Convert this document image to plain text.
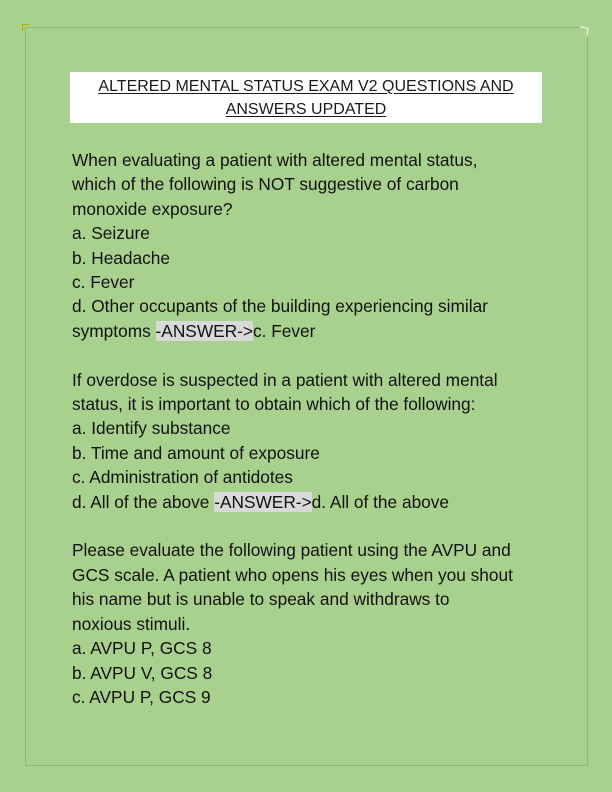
ALTERED MENTAL STATUS EXAM V2 QUESTIONS AND
ANSWERS UPDATED
When evaluating a patient with altered mental status,
which of the following is NOT suggestive of carbon
monoxide exposure?
a. Seizure
b. Headache
c. Fever
d. Other occupants of the building experiencing similar
symptoms -ANSWER->c. Fever
If overdose is suspected in a patient with altered mental
status, it is important to obtain which of the following:
a. Identify substance
b. Time and amount of exposure
c. Administration of antidotes
d. All of the above -ANSWER->d. All of the above
Please evaluate the following patient using the AVPU and
GCS scale. A patient who opens his eyes when you shout
his name but is unable to speak and withdraws to
noxious stimuli.
a. AVPU P, GCS 8
b. AVPU V, GCS 8
c. AVPU P, GCS 9
